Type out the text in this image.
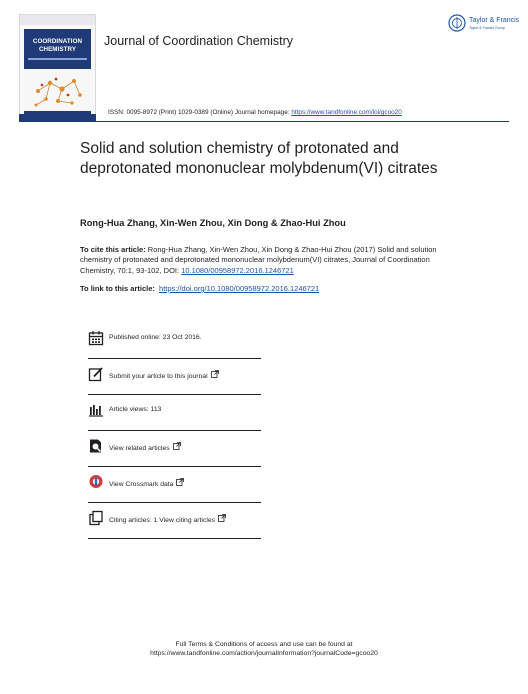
COORDINATION
CHEMISTRY
Journal of Coordination Chemistry
Taylor & Francis
Taylor & Francis Group
ISSN: 0095-8972 (Print) 1029-0389 (Online) Journal homepage: https://www.tandfonline.com/loi/gcoo20
Solid and solution chemistry of protonated and deprotonated mononuclear molybdenum(VI) citrates
Rong-Hua Zhang, Xin-Wen Zhou, Xin Dong & Zhao-Hui Zhou
To cite this article: Rong-Hua Zhang, Xin-Wen Zhou, Xin Dong & Zhao-Hui Zhou (2017) Solid and solution chemistry of protonated and deprotonated mononuclear molybdenum(VI) citrates, Journal of Coordination Chemistry, 70:1, 93-102, DOI: 10.1080/00958972.2016.1246721
To link to this article: https://doi.org/10.1080/00958972.2016.1246721
Published online: 23 Oct 2016.
Submit your article to this journal
Article views: 113
View related articles
View Crossmark data
Citing articles: 1 View citing articles
Full Terms & Conditions of access and use can be found at
https://www.tandfonline.com/action/journalInformation?journalCode=gcoo20
